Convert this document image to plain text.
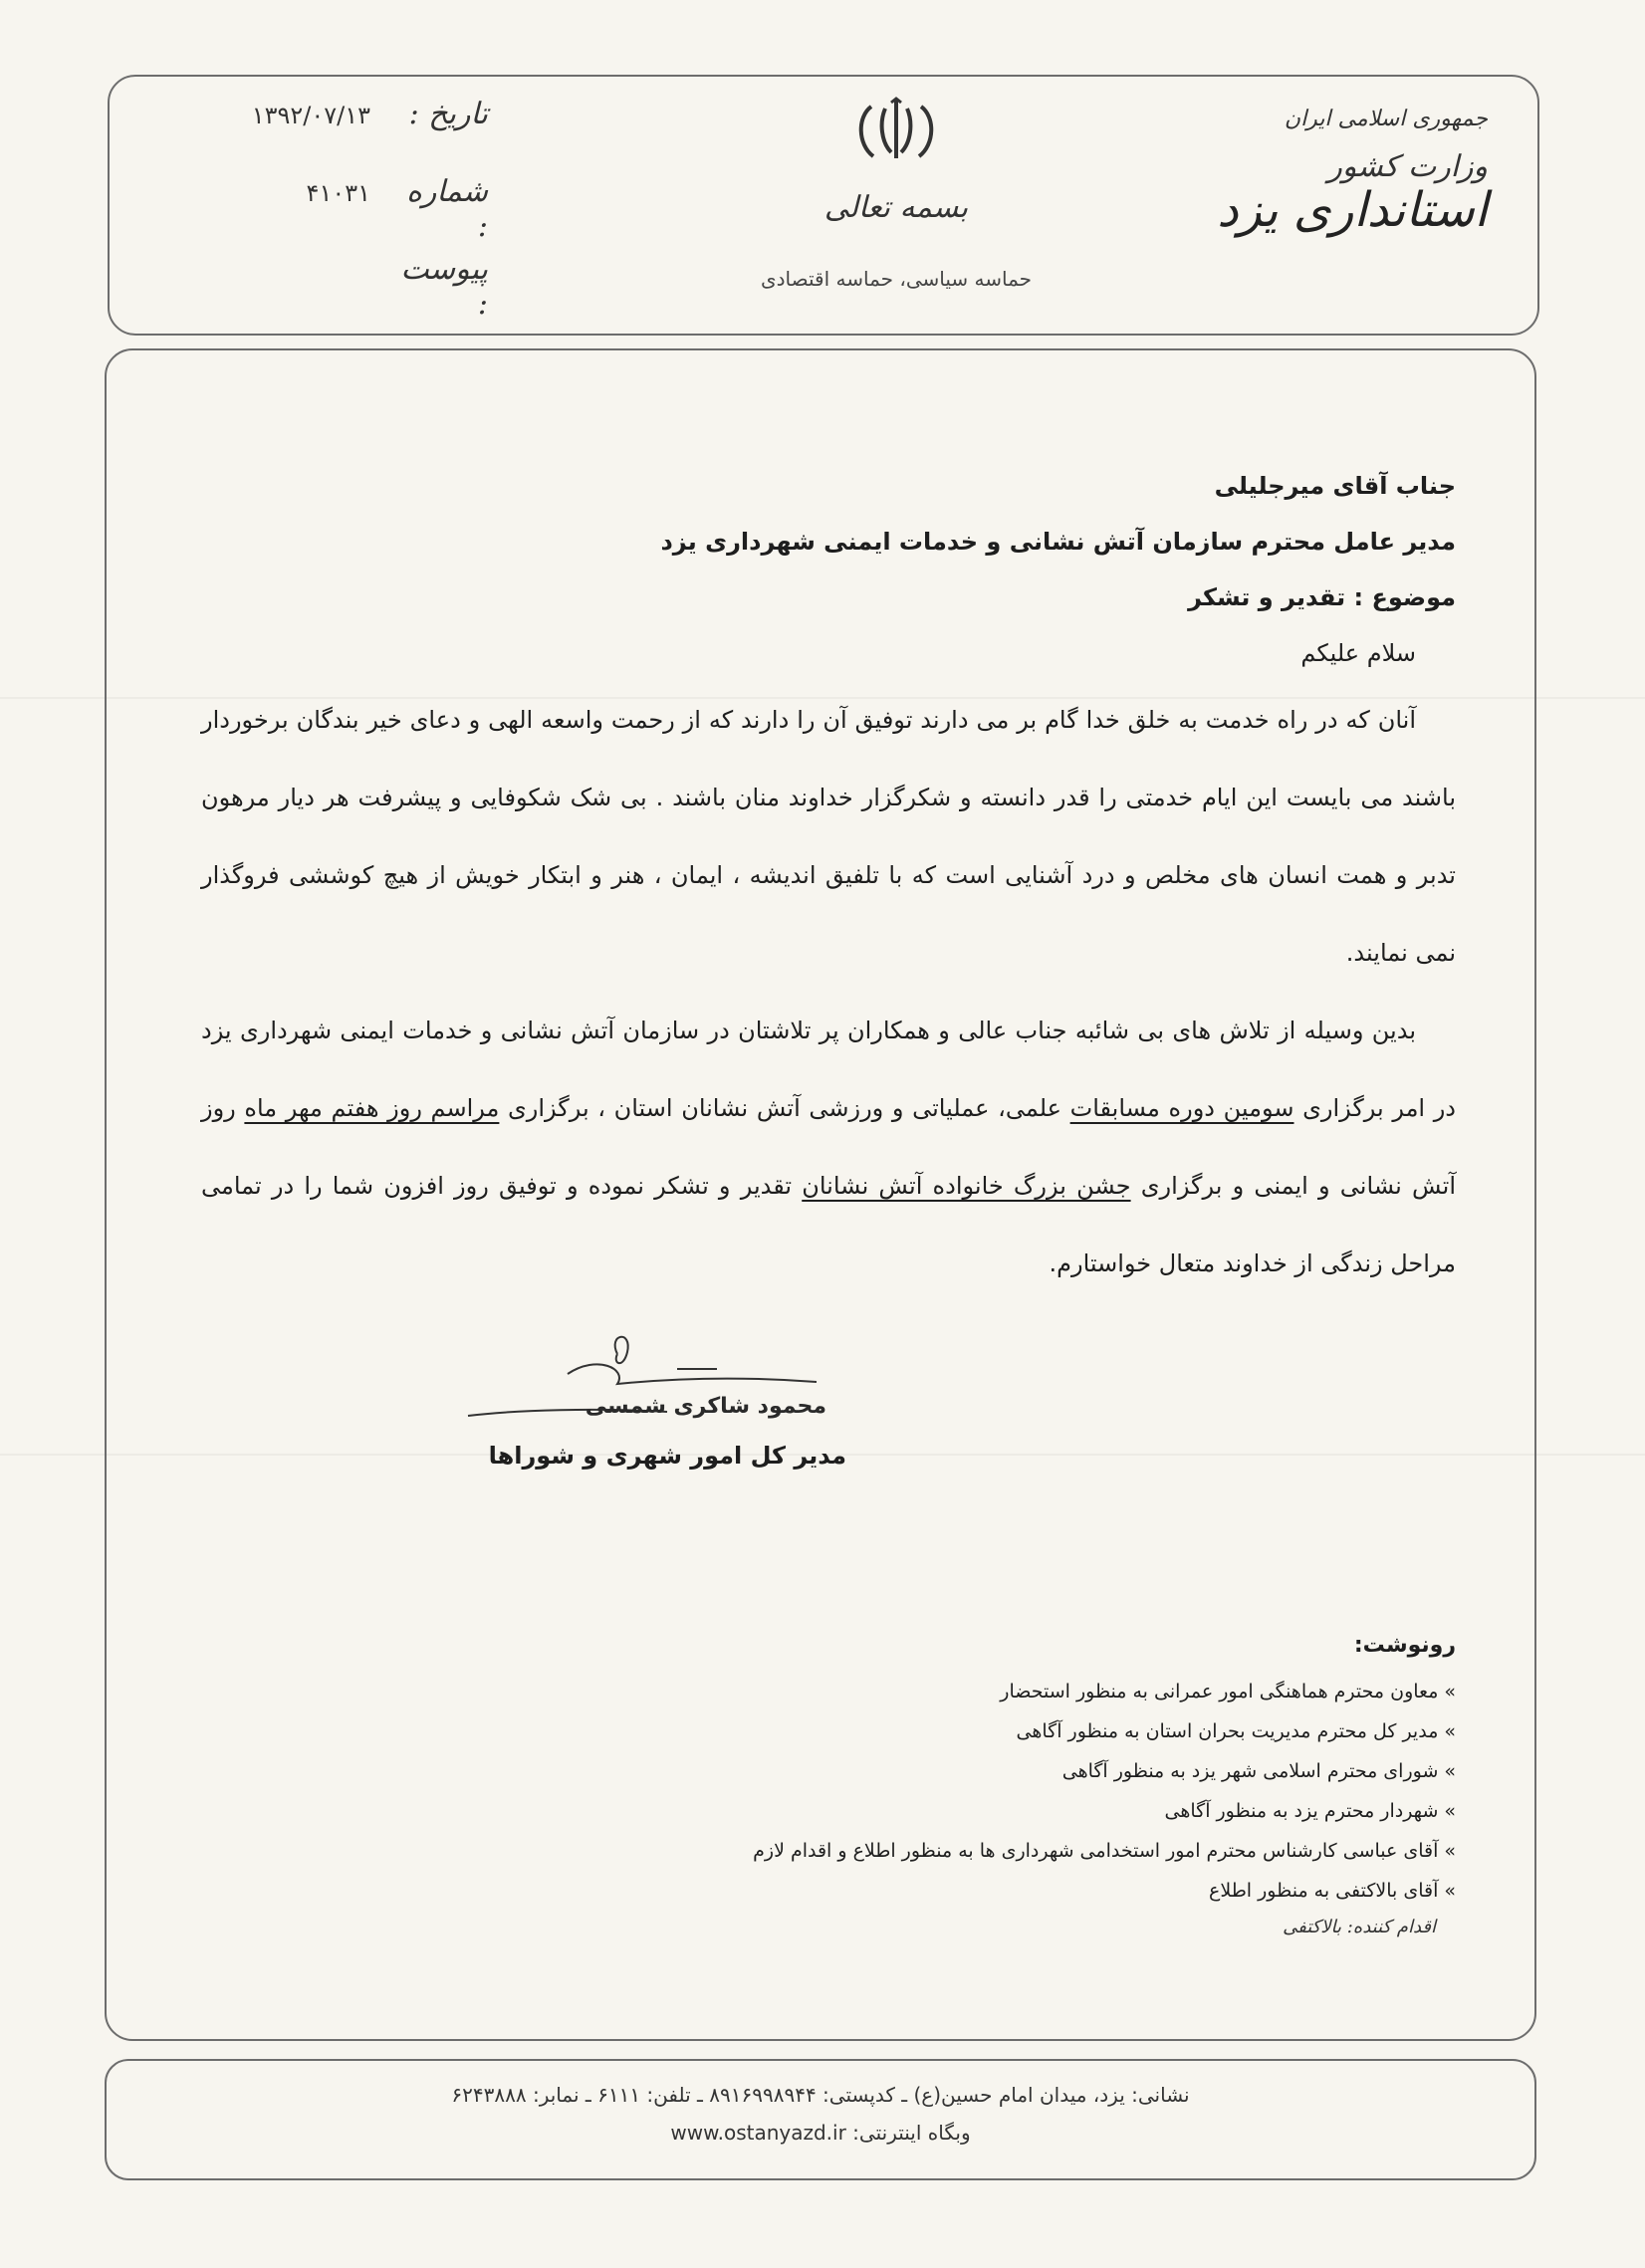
جمهوری اسلامی ایران
وزارت کشور
استانداری یزد
بسمه تعالی
حماسه سیاسی، حماسه اقتصادی
تاریخ :
۱۳۹۲/۰۷/۱۳
شماره :
۴۱۰۳۱
پیوست :

جناب آقای میرجلیلی

مدیر عامل محترم سازمان آتش نشانی و خدمات ایمنی شهرداری یزد

موضوع : تقدیر و تشکر

سلام علیکم

آنان که در راه خدمت به خلق خدا گام بر می دارند توفیق آن را دارند که از رحمت واسعه الهی و دعای خیر بندگان برخوردار باشند می بایست این ایام خدمتی را قدر دانسته و شکرگزار خداوند منان باشند . بی شک شکوفایی و پیشرفت هر دیار مرهون تدبر و همت انسان های مخلص و درد آشنایی است که با تلفیق اندیشه ، ایمان ، هنر و ابتکار خویش از هیچ کوششی فروگذار نمی نمایند.

بدین وسیله از تلاش های بی شائبه جناب عالی و همکاران پر تلاشتان در سازمان آتش نشانی و خدمات ایمنی شهرداری یزد در امر برگزاری سومین دوره مسابقات علمی، عملیاتی و ورزشی آتش نشانان استان ، برگزاری مراسم روز هفتم مهر ماه روز آتش نشانی و ایمنی و برگزاری جشن بزرگ خانواده آتش نشانان تقدیر و تشکر نموده و توفیق روز افزون شما را در تمامی مراحل زندگی از خداوند متعال خواستارم.

محمود شاکری شمسی
مدیر کل امور شهری و شوراها
رونوشت:
»معاون محترم هماهنگی امور عمرانی به منظور استحضار
»مدیر کل محترم مدیریت بحران استان به منظور آگاهی
»شورای محترم اسلامی شهر یزد به منظور آگاهی
»شهردار محترم یزد به منظور آگاهی
»آقای عباسی کارشناس محترم امور استخدامی شهرداری ها به منظور اطلاع و اقدام لازم
»آقای بالاکتفی به منظور اطلاع
اقدام کننده: بالاکتفی
نشانی: یزد، میدان امام حسین(ع) ـ کدپستی: ۸۹۱۶۹۹۸۹۴۴ ـ تلفن: ۶۱۱۱ ـ نمابر: ۶۲۴۳۸۸۸
وبگاه اینترنتی: www.ostanyazd.ir
